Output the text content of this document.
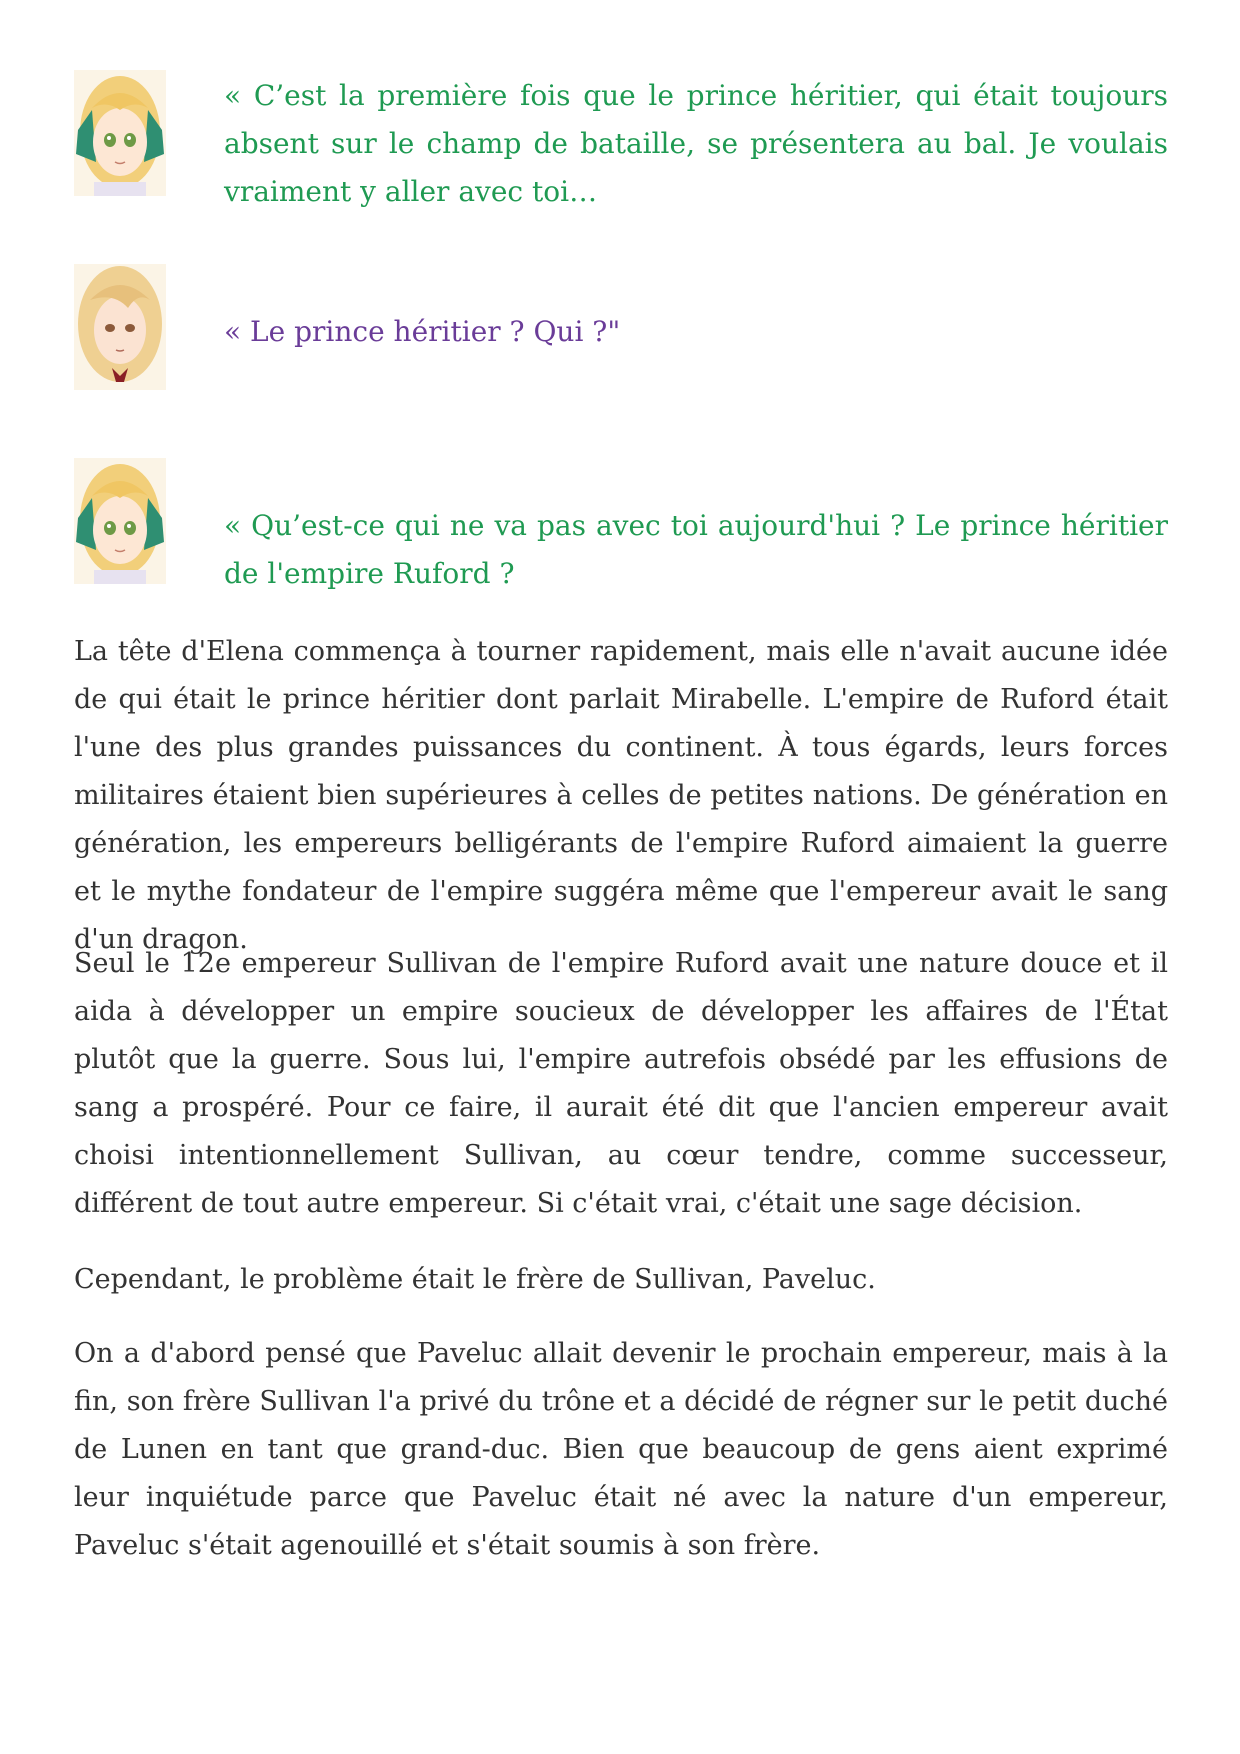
« C’est la première fois que le prince héritier, qui était toujours absent sur le champ de bataille, se présentera au bal. Je voulais vraiment y aller avec toi…

« Le prince héritier ? Qui ?"

« Qu’est-ce qui ne va pas avec toi aujourd'hui ? Le prince héritier de l'empire Ruford ?

La tête d'Elena commença à tourner rapidement, mais elle n'avait aucune idée de qui était le prince héritier dont parlait Mirabelle. L'empire de Ruford était l'une des plus grandes puissances du continent. À tous égards, leurs forces militaires étaient bien supérieures à celles de petites nations. De génération en génération, les empereurs belligérants de l'empire Ruford aimaient la guerre et le mythe fondateur de l'empire suggéra même que l'empereur avait le sang d'un dragon.

Seul le 12e empereur Sullivan de l'empire Ruford avait une nature douce et il aida à développer un empire soucieux de développer les affaires de l'État plutôt que la guerre. Sous lui, l'empire autrefois obsédé par les effusions de sang a prospéré. Pour ce faire, il aurait été dit que l'ancien empereur avait choisi intentionnellement Sullivan, au cœur tendre, comme successeur, différent de tout autre empereur. Si c'était vrai, c'était une sage décision.

Cependant, le problème était le frère de Sullivan, Paveluc.

On a d'abord pensé que Paveluc allait devenir le prochain empereur, mais à la fin, son frère Sullivan l'a privé du trône et a décidé de régner sur le petit duché de Lunen en tant que grand-duc. Bien que beaucoup de gens aient exprimé leur inquiétude parce que Paveluc était né avec la nature d'un empereur, Paveluc s'était agenouillé et s'était soumis à son frère.
